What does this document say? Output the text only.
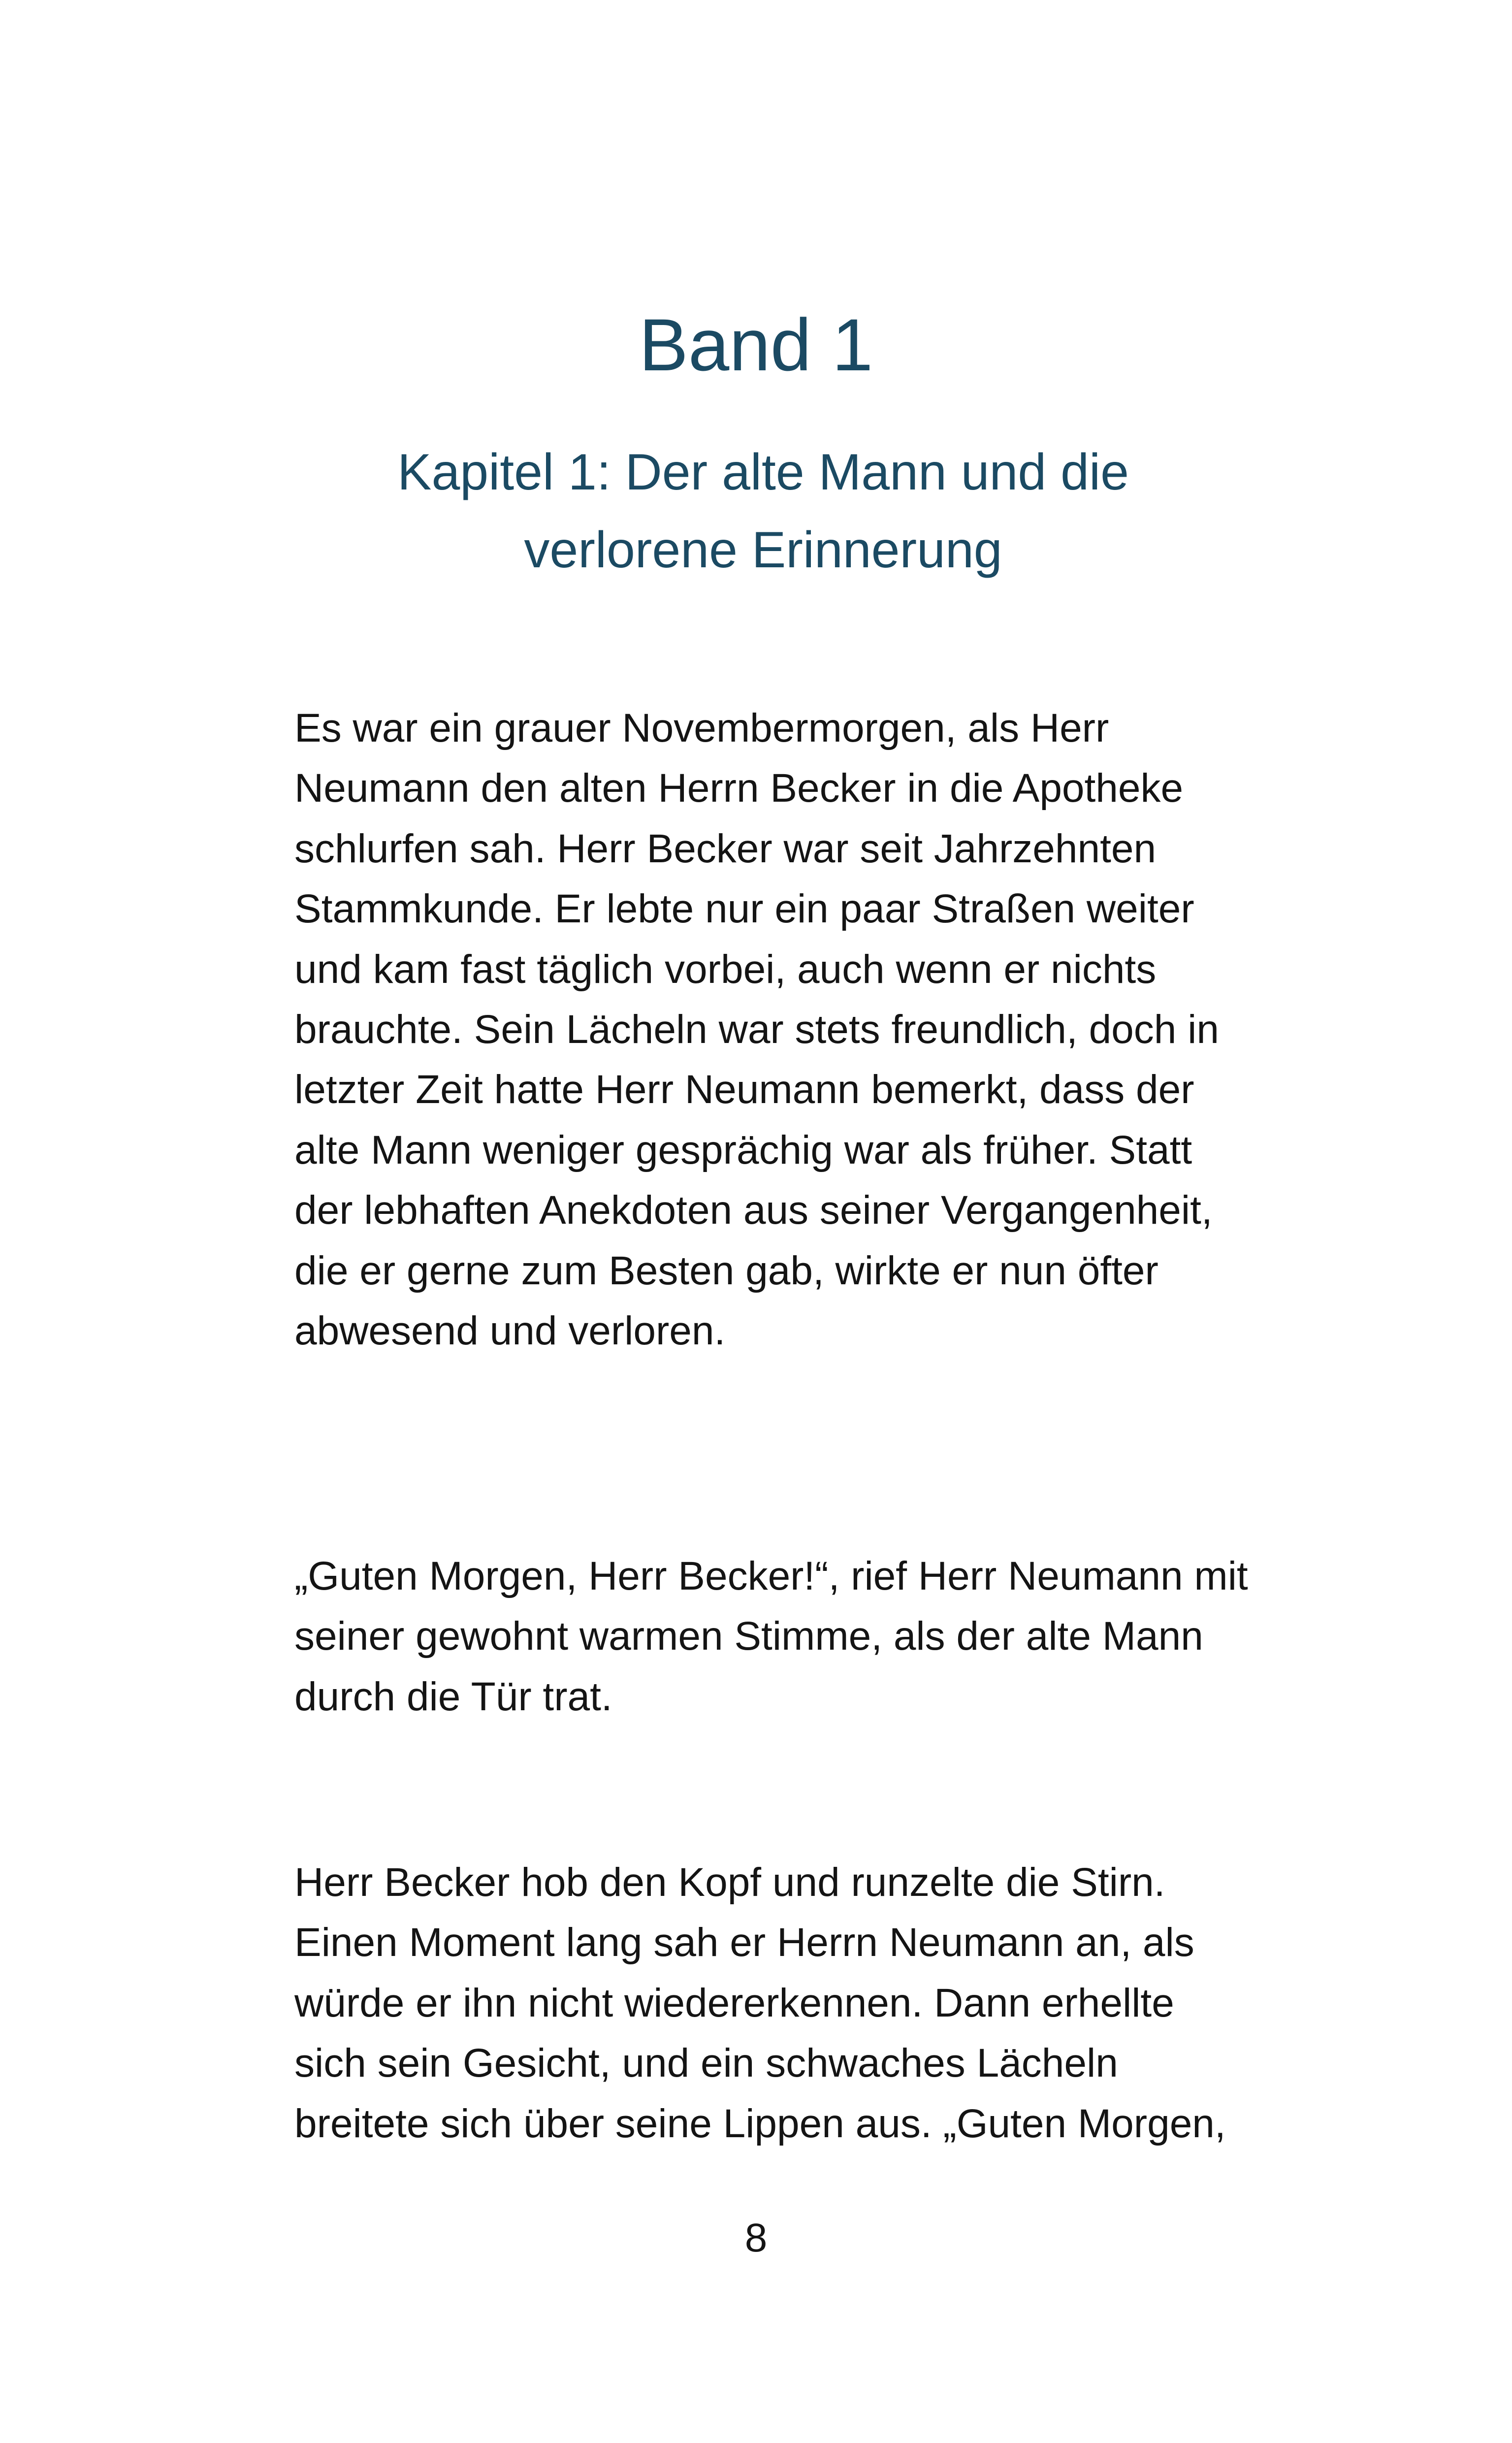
Band 1
Kapitel 1: Der alte Mann und die verlorene Erinnerung

Es war ein grauer Novembermorgen, als Herr Neumann den alten Herrn Becker in die Apotheke schlurfen sah. Herr Becker war seit Jahrzehnten Stammkunde. Er lebte nur ein paar Straßen weiter und kam fast täglich vorbei, auch wenn er nichts brauchte. Sein Lächeln war stets freundlich, doch in letzter Zeit hatte Herr Neumann bemerkt, dass der alte Mann weniger gesprächig war als früher. Statt der lebhaften Anekdoten aus seiner Vergangenheit, die er gerne zum Besten gab, wirkte er nun öfter abwesend und verloren.

„Guten Morgen, Herr Becker!“, rief Herr Neumann mit seiner gewohnt warmen Stimme, als der alte Mann durch die Tür trat.

Herr Becker hob den Kopf und runzelte die Stirn. Einen Moment lang sah er Herrn Neumann an, als würde er ihn nicht wiedererkennen. Dann erhellte sich sein Gesicht, und ein schwaches Lächeln breitete sich über seine Lippen aus. „Guten Morgen,

8
